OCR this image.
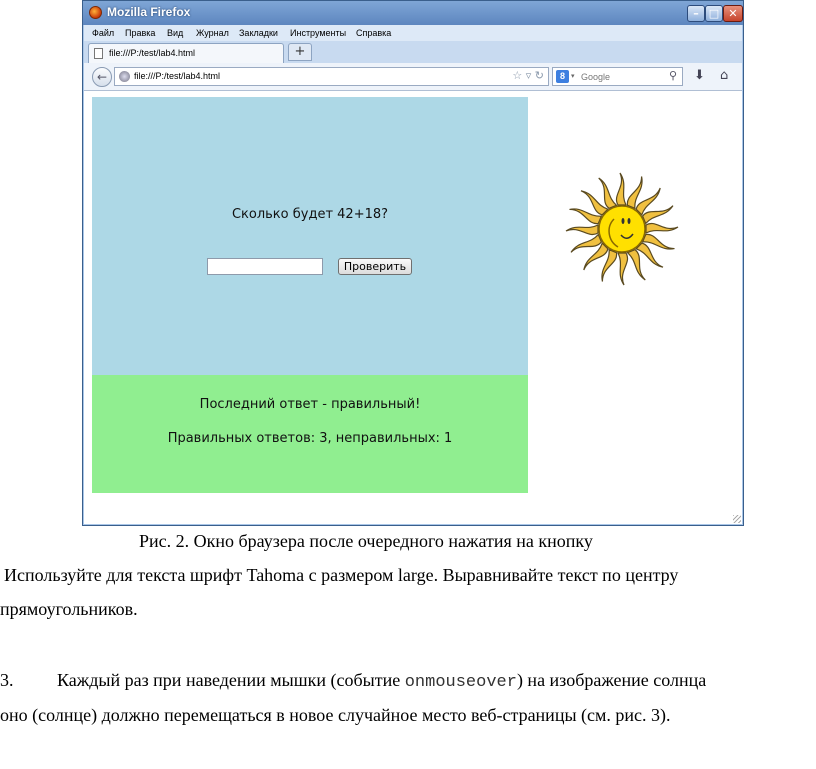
Mozilla Firefox	– □ ✕
Файл Правка Вид Журнал Закладки Инструменты Справка
file:///P:/test/lab4.html	+
←	file:///P:/test/lab4.html	☆ ▿ ↻	8 ▾ Google	⚲ ⬇ ⌂
Сколько будет 42+18?
Проверить
Последний ответ - правильный!
Правильных ответов: 3, неправильных: 1
Рис. 2. Окно браузера после очередного нажатия на кнопку
Используйте для текста шрифт Tahoma с размером large. Выравнивайте текст по центру
прямоугольников.
3. Каждый раз при наведении мышки (событие onmouseover) на изображение солнца
оно (солнце) должно перемещаться в новое случайное место веб-страницы (см. рис. 3).
